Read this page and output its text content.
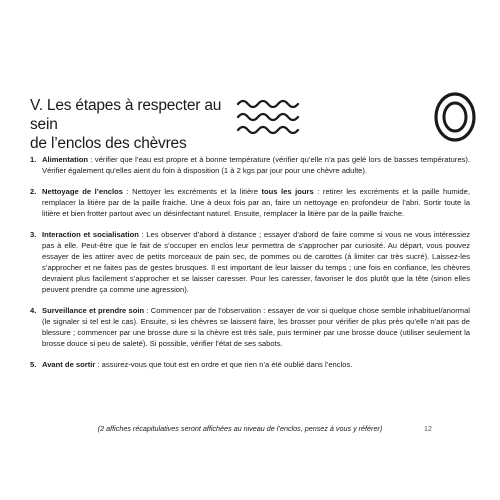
V. Les étapes à respecter au sein
de l’enclos des chèvres
1. Alimentation : vérifier que l’eau est propre et à bonne température (vérifier qu’elle n’a pas gelé lors de basses températures). Vérifier également qu’elles aient du foin à disposition (1 à 2 kgs par jour pour une chèvre adulte).
2. Nettoyage de l’enclos : Nettoyer les excréments et la litière tous les jours : retirer les excréments et la paille humide, remplacer la litière par de la paille fraiche. Une à deux fois par an, faire un nettoyage en profondeur de l’abri. Sortir toute la litière et bien frotter partout avec un désinfectant naturel. Ensuite, remplacer la litière par de la paille fraiche.
3. Interaction et socialisation : Les observer d’abord à distance ; essayer d’abord de faire comme si vous ne vous intéressiez pas à elle. Peut-être que le fait de s’occuper en enclos leur permettra de s’approcher par curiosité. Au départ, vous pouvez essayer de les attirer avec de petits morceaux de pain sec, de pommes ou de carottes (à limiter car très sucré). Laissez-les s’approcher et ne faites pas de gestes brusques. Il est important de leur laisser du temps ; une fois en confiance, les chèvres devraient plus facilement s’approcher et se laisser caresser. Pour les caresser, favoriser le dos plutôt que la tête (sinon elles peuvent prendre ça comme une agression).
4. Surveillance et prendre soin : Commencer par de l’observation : essayer de voir si quelque chose semble inhabituel/anormal (le signaler si tel est le cas). Ensuite, si les chèvres se laissent faire, les brosser pour vérifier de plus près qu’elle n’ait pas de blessure ; commencer par une brosse dure si la chèvre est très sale, puis terminer par une brosse douce (utiliser seulement la brosse douce si peu de saleté). Si possible, vérifier l’état de ses sabots.
5. Avant de sortir : assurez-vous que tout est en ordre et que rien n’a été oublié dans l’enclos.

(2 affiches récapitulatives seront affichées au niveau de l’enclos, pensez à vous y référer)	12
